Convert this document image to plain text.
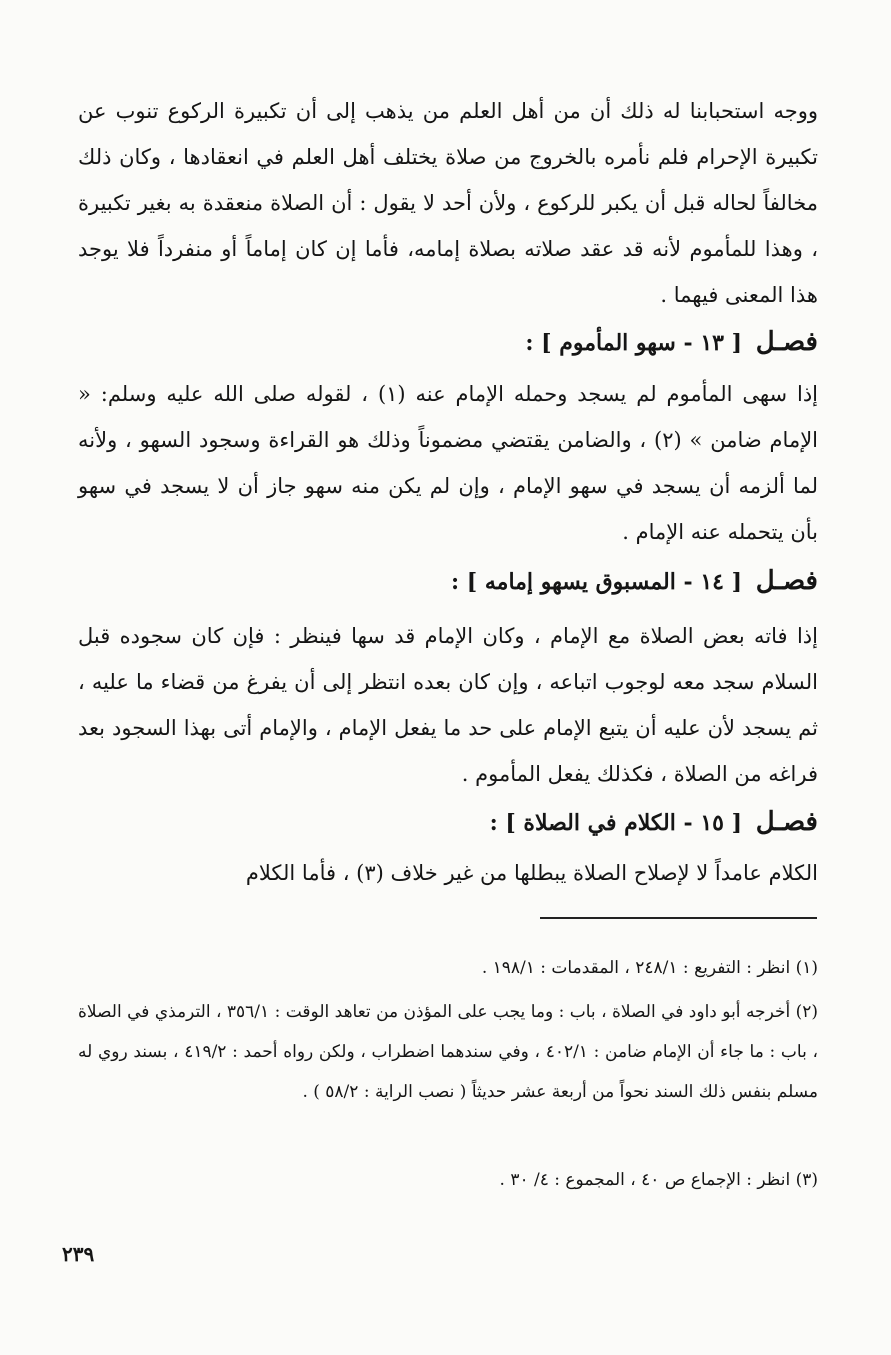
ووجه استحبابنا له ذلك أن من أهل العلم من يذهب إلى أن تكبيرة الركوع تنوب عن تكبيرة الإحرام فلم نأمره بالخروج من صلاة يختلف أهل العلم في انعقادها ، وكان ذلك مخالفاً لحاله قبل أن يكبر للركوع ، ولأن أحد لا يقول : أن الصلاة منعقدة به بغير تكبيرة ، وهذا للمأموم لأنه قد عقد صلاته بصلاة إمامه، فأما إن كان إماماً أو منفرداً فلا يوجد هذا المعنى فيهما .

فصـل [ ١٣ - سهو المأموم ] :

إذا سهى المأموم لم يسجد وحمله الإمام عنه (١) ، لقوله صلى الله عليه وسلم: « الإمام ضامن » (٢) ، والضامن يقتضي مضموناً وذلك هو القراءة وسجود السهو ، ولأنه لما ألزمه أن يسجد في سهو الإمام ، وإن لم يكن منه سهو جاز أن لا يسجد في سهو بأن يتحمله عنه الإمام .

فصـل [ ١٤ - المسبوق يسهو إمامه ] :

إذا فاته بعض الصلاة مع الإمام ، وكان الإمام قد سها فينظر : فإن كان سجوده قبل السلام سجد معه لوجوب اتباعه ، وإن كان بعده انتظر إلى أن يفرغ من قضاء ما عليه ، ثم يسجد لأن عليه أن يتبع الإمام على حد ما يفعل الإمام ، والإمام أتى بهذا السجود بعد فراغه من الصلاة ، فكذلك يفعل المأموم .

فصـل [ ١٥ - الكلام في الصلاة ] :

الكلام عامداً لا لإصلاح الصلاة يبطلها من غير خلاف (٣) ، فأما الكلام

(١) انظر : التفريع : ٢٤٨/١ ، المقدمات : ١٩٨/١ .

(٢) أخرجه أبو داود في الصلاة ، باب : وما يجب على المؤذن من تعاهد الوقت : ٣٥٦/١ ، الترمذي في الصلاة ، باب : ما جاء أن الإمام ضامن : ٤٠٢/١ ، وفي سندهما اضطراب ، ولكن رواه أحمد : ٤١٩/٢ ، بسند روي له مسلم بنفس ذلك السند نحواً من أربعة عشر حديثاً ( نصب الراية : ٥٨/٢ ) .

(٣) انظر : الإجماع ص ٤٠ ، المجموع : ٤/ ٣٠ .

٢٣٩
